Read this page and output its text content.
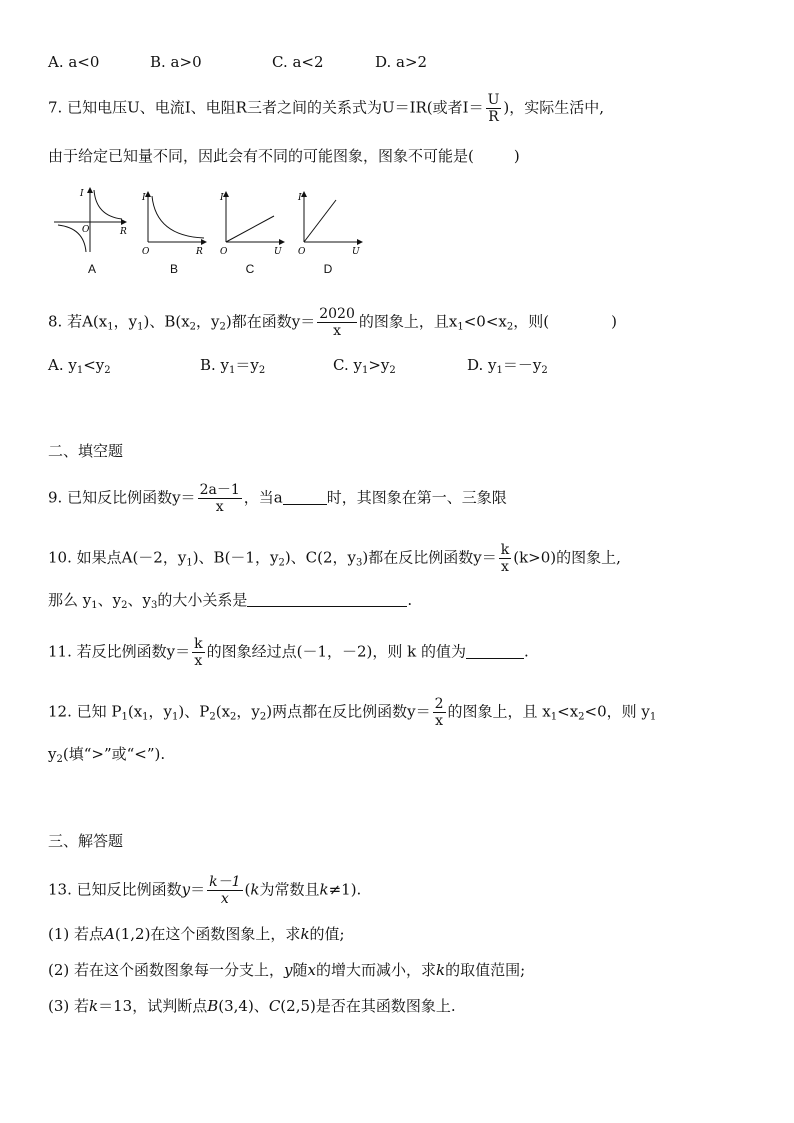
A. a<0	B. a>0	C. a<2	D. a>2
7. 已知电压U、电流I、电阻R三者之间的关系式为U＝IR(或者$I= \frac{U}{R}$ )，实际生活中,
由于给定已知量不同，因此会有不同的可能图象，图象不可能是(	)
I
O	R
A
I
O	R
B
I
O	U
C
I
O	U
D
8. 若$A(x_1$，$y_1$)、$B(x_2$，$y_2$)都在函数$y= \frac{2020}{x}$ 的图象上，且$x_1<0<x_2$，则(	)
A. $y_1<y_2$	B. $y_1=y_2$	C. $y_1>y_2$	D. $y_1=-y_2$
二、填空题
9. 已知反比例函数$y= \frac{2a-1}{x}$ ，当a	时，其图象在第一、三象限
10. 如果点A(－2，$y_1$)、B(－1，$y_2$)、C(2，$y_3$)都在反比例函数$y= \frac{k}{x} (k>0)$的图象上,
那么 $y_1$、$y_2$、$y_3$的大小关系是	.
11. 若反比例函数$y= \frac{k}{x}$ 的图象经过点(－1，－2)，则 k 的值为	.
12. 已知 $P_1(x_1$，$y_1$)、$P_2(x_2$，$y_2$)两点都在反比例函数$y= \frac{2}{x}$ 的图象上，且 $x_1<x_2<0$，则 $y_1$
$y_2$(填“>”或“<”).
三、解答题
13. 已知反比例函数$y= \frac{k-1}{x} (k$为常数且k≠1).
(1) 若点A(1,2)在这个函数图象上，求k的值;
(2) 若在这个函数图象每一分支上，y随x的增大而减小，求k的取值范围;
(3) 若k＝13，试判断点B(3,4)、C(2,5)是否在其函数图象上.
